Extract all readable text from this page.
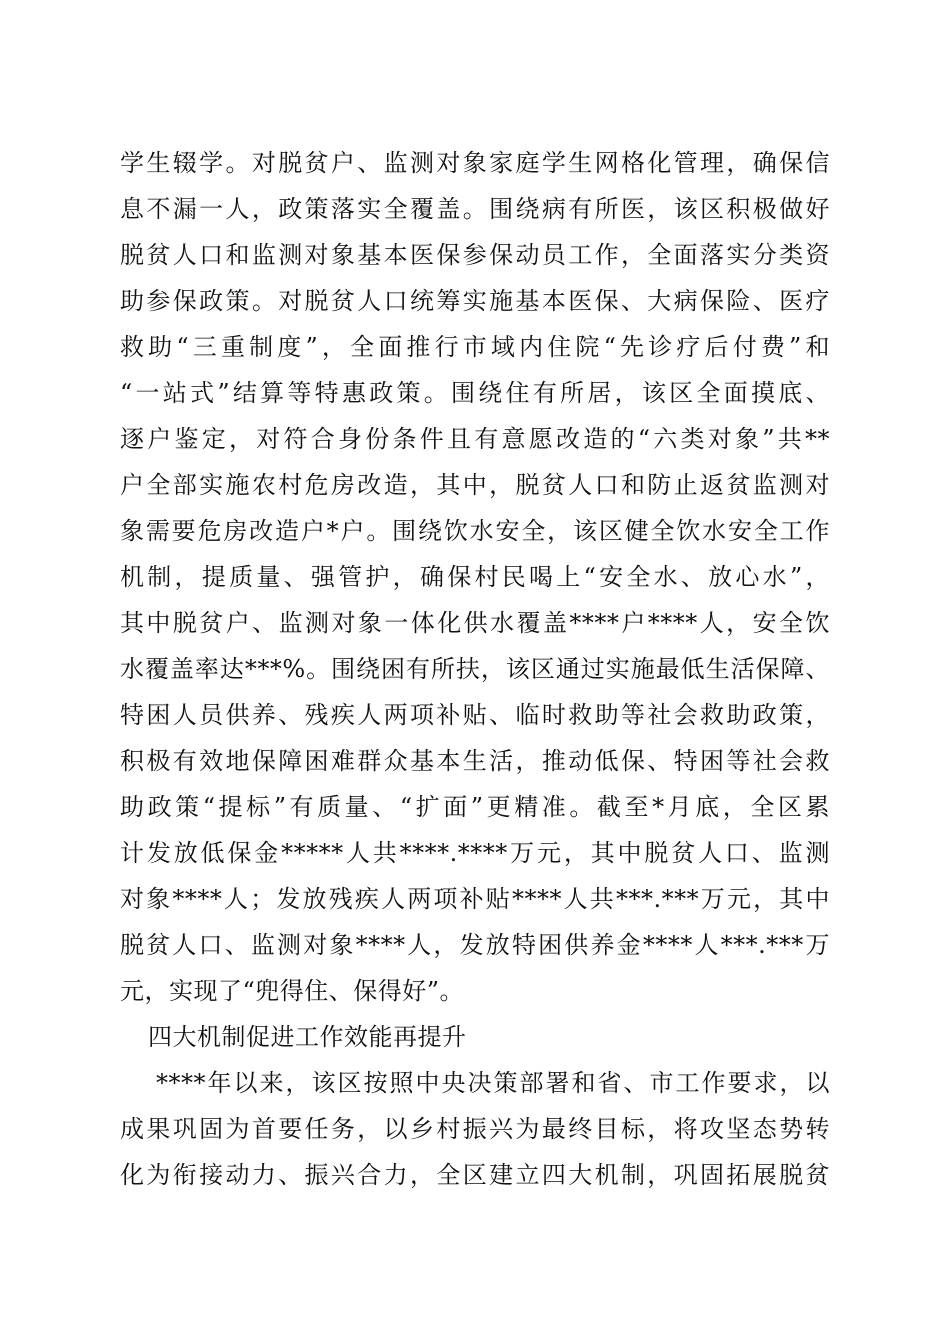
学生辍学。对脱贫户、监测对象家庭学生网格化管理，确保信
息不漏一人，政策落实全覆盖。围绕病有所医，该区积极做好
脱贫人口和监测对象基本医保参保动员工作，全面落实分类资
助参保政策。对脱贫人口统筹实施基本医保、大病保险、医疗
救助“三重制度”，全面推行市域内住院“先诊疗后付费”和
“一站式”结算等特惠政策。围绕住有所居，该区全面摸底、
逐户鉴定，对符合身份条件且有意愿改造的“六类对象”共**
户全部实施农村危房改造，其中，脱贫人口和防止返贫监测对
象需要危房改造户*户。围绕饮水安全，该区健全饮水安全工作
机制，提质量、强管护，确保村民喝上“安全水、放心水”，
其中脱贫户、监测对象一体化供水覆盖****户****人，安全饮
水覆盖率达***%。围绕困有所扶，该区通过实施最低生活保障、
特困人员供养、残疾人两项补贴、临时救助等社会救助政策，
积极有效地保障困难群众基本生活，推动低保、特困等社会救
助政策“提标”有质量、“扩面”更精准。截至*月底，全区累
计发放低保金*****人共****.****万元，其中脱贫人口、监测
对象****人；发放残疾人两项补贴****人共***.***万元，其中
脱贫人口、监测对象****人，发放特困供养金****人***.***万
元，实现了“兜得住、保得好”。
四大机制促进工作效能再提升
****年以来，该区按照中央决策部署和省、市工作要求，以
成果巩固为首要任务，以乡村振兴为最终目标，将攻坚态势转
化为衔接动力、振兴合力，全区建立四大机制，巩固拓展脱贫
